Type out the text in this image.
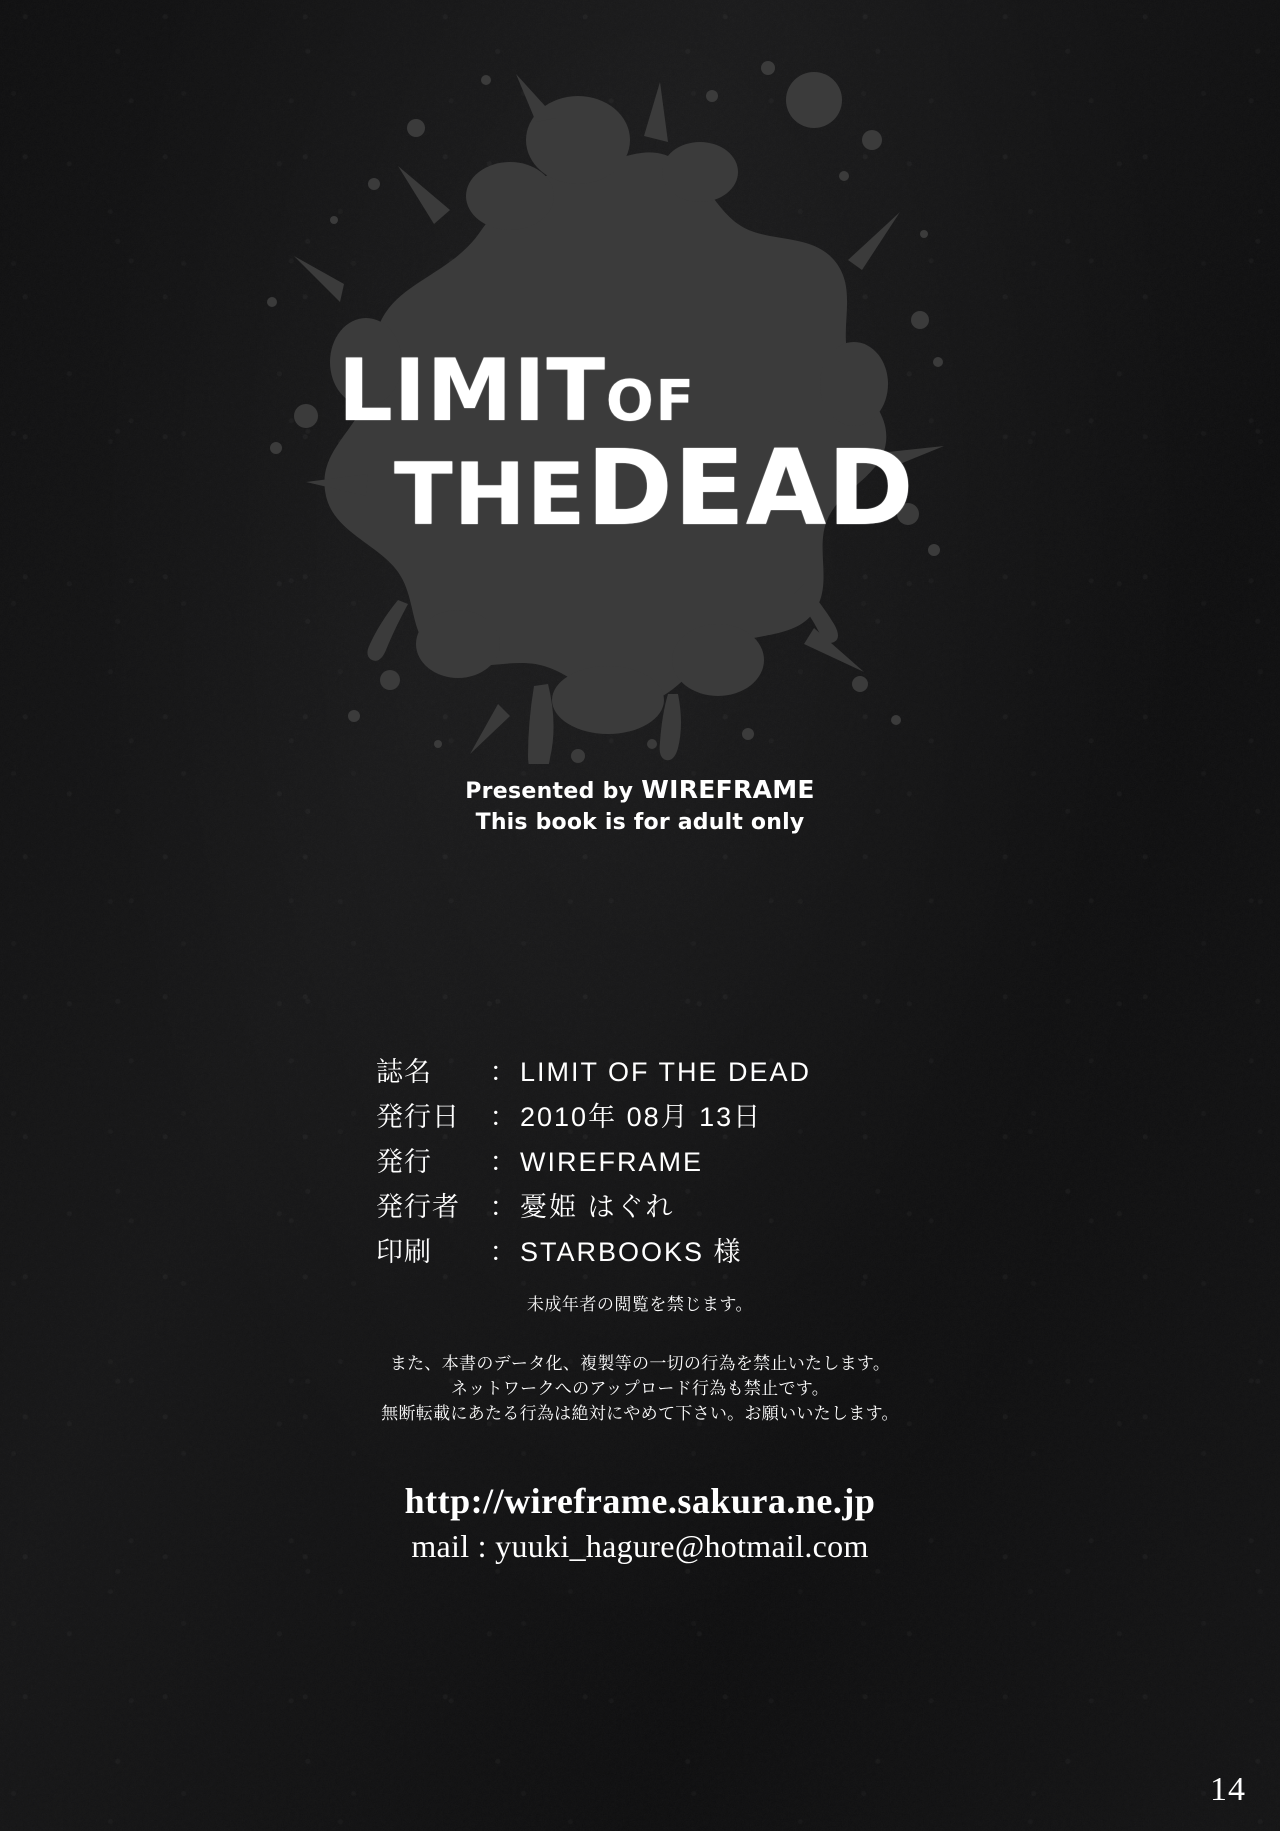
LIMITOF
THEDEAD
Presented by WIREFRAME
This book is for adult only
誌名	： LIMIT OF THE DEAD
発行日	： 2010年 08月 13日
発行	： WIREFRAME
発行者	： 憂姫 はぐれ
印刷	： STARBOOKS 様
未成年者の閲覧を禁じます。
また、本書のデータ化、複製等の一切の行為を禁止いたします。
ネットワークへのアップロード行為も禁止です。
無断転載にあたる行為は絶対にやめて下さい。お願いいたします。
http://wireframe.sakura.ne.jp
mail : yuuki_hagure@hotmail.com
14
